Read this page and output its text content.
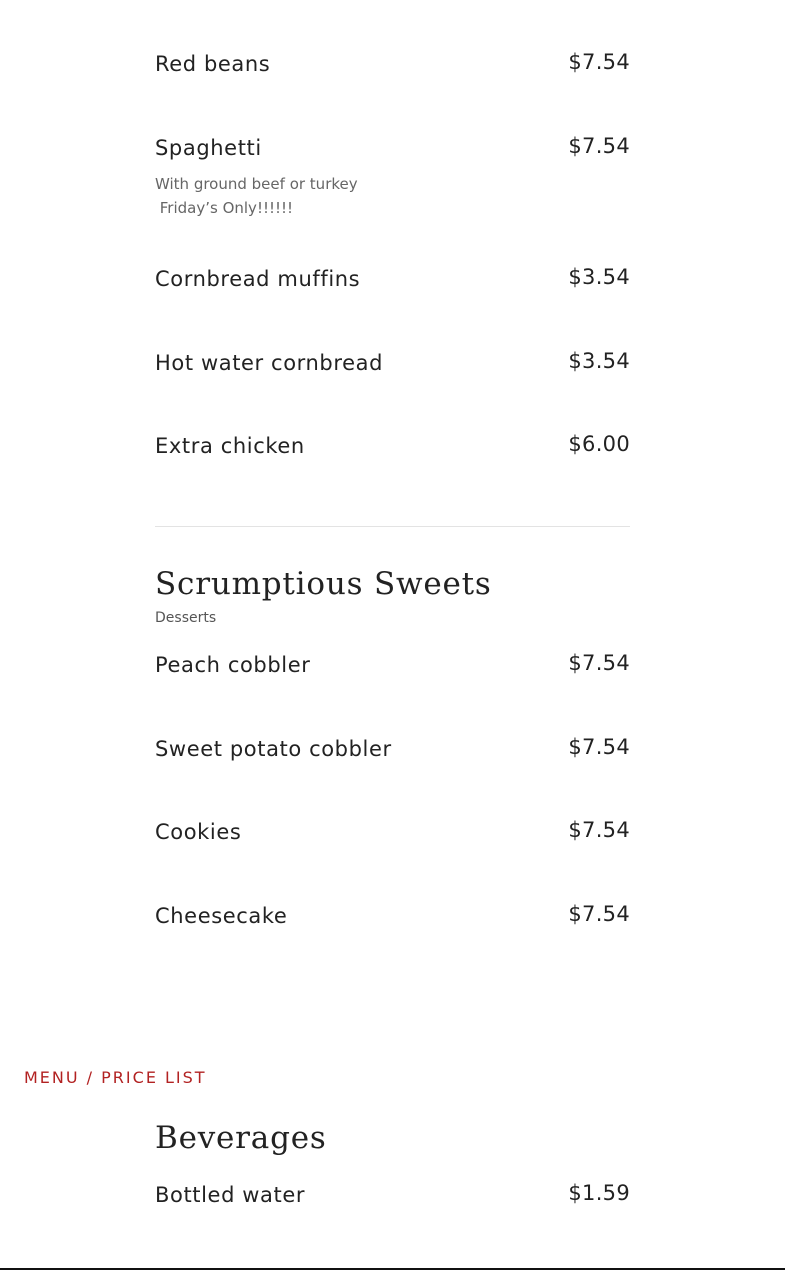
Red beans	$7.54
Spaghetti	$7.54
With ground beef or turkey
Friday’s Only!!!!!!
Cornbread muffins	$3.54
Hot water cornbread	$3.54
Extra chicken	$6.00
Scrumptious Sweets
Desserts
Peach cobbler	$7.54
Sweet potato cobbler	$7.54
Cookies	$7.54
Cheesecake	$7.54
MENU / PRICE LIST
Beverages
Bottled water	$1.59
